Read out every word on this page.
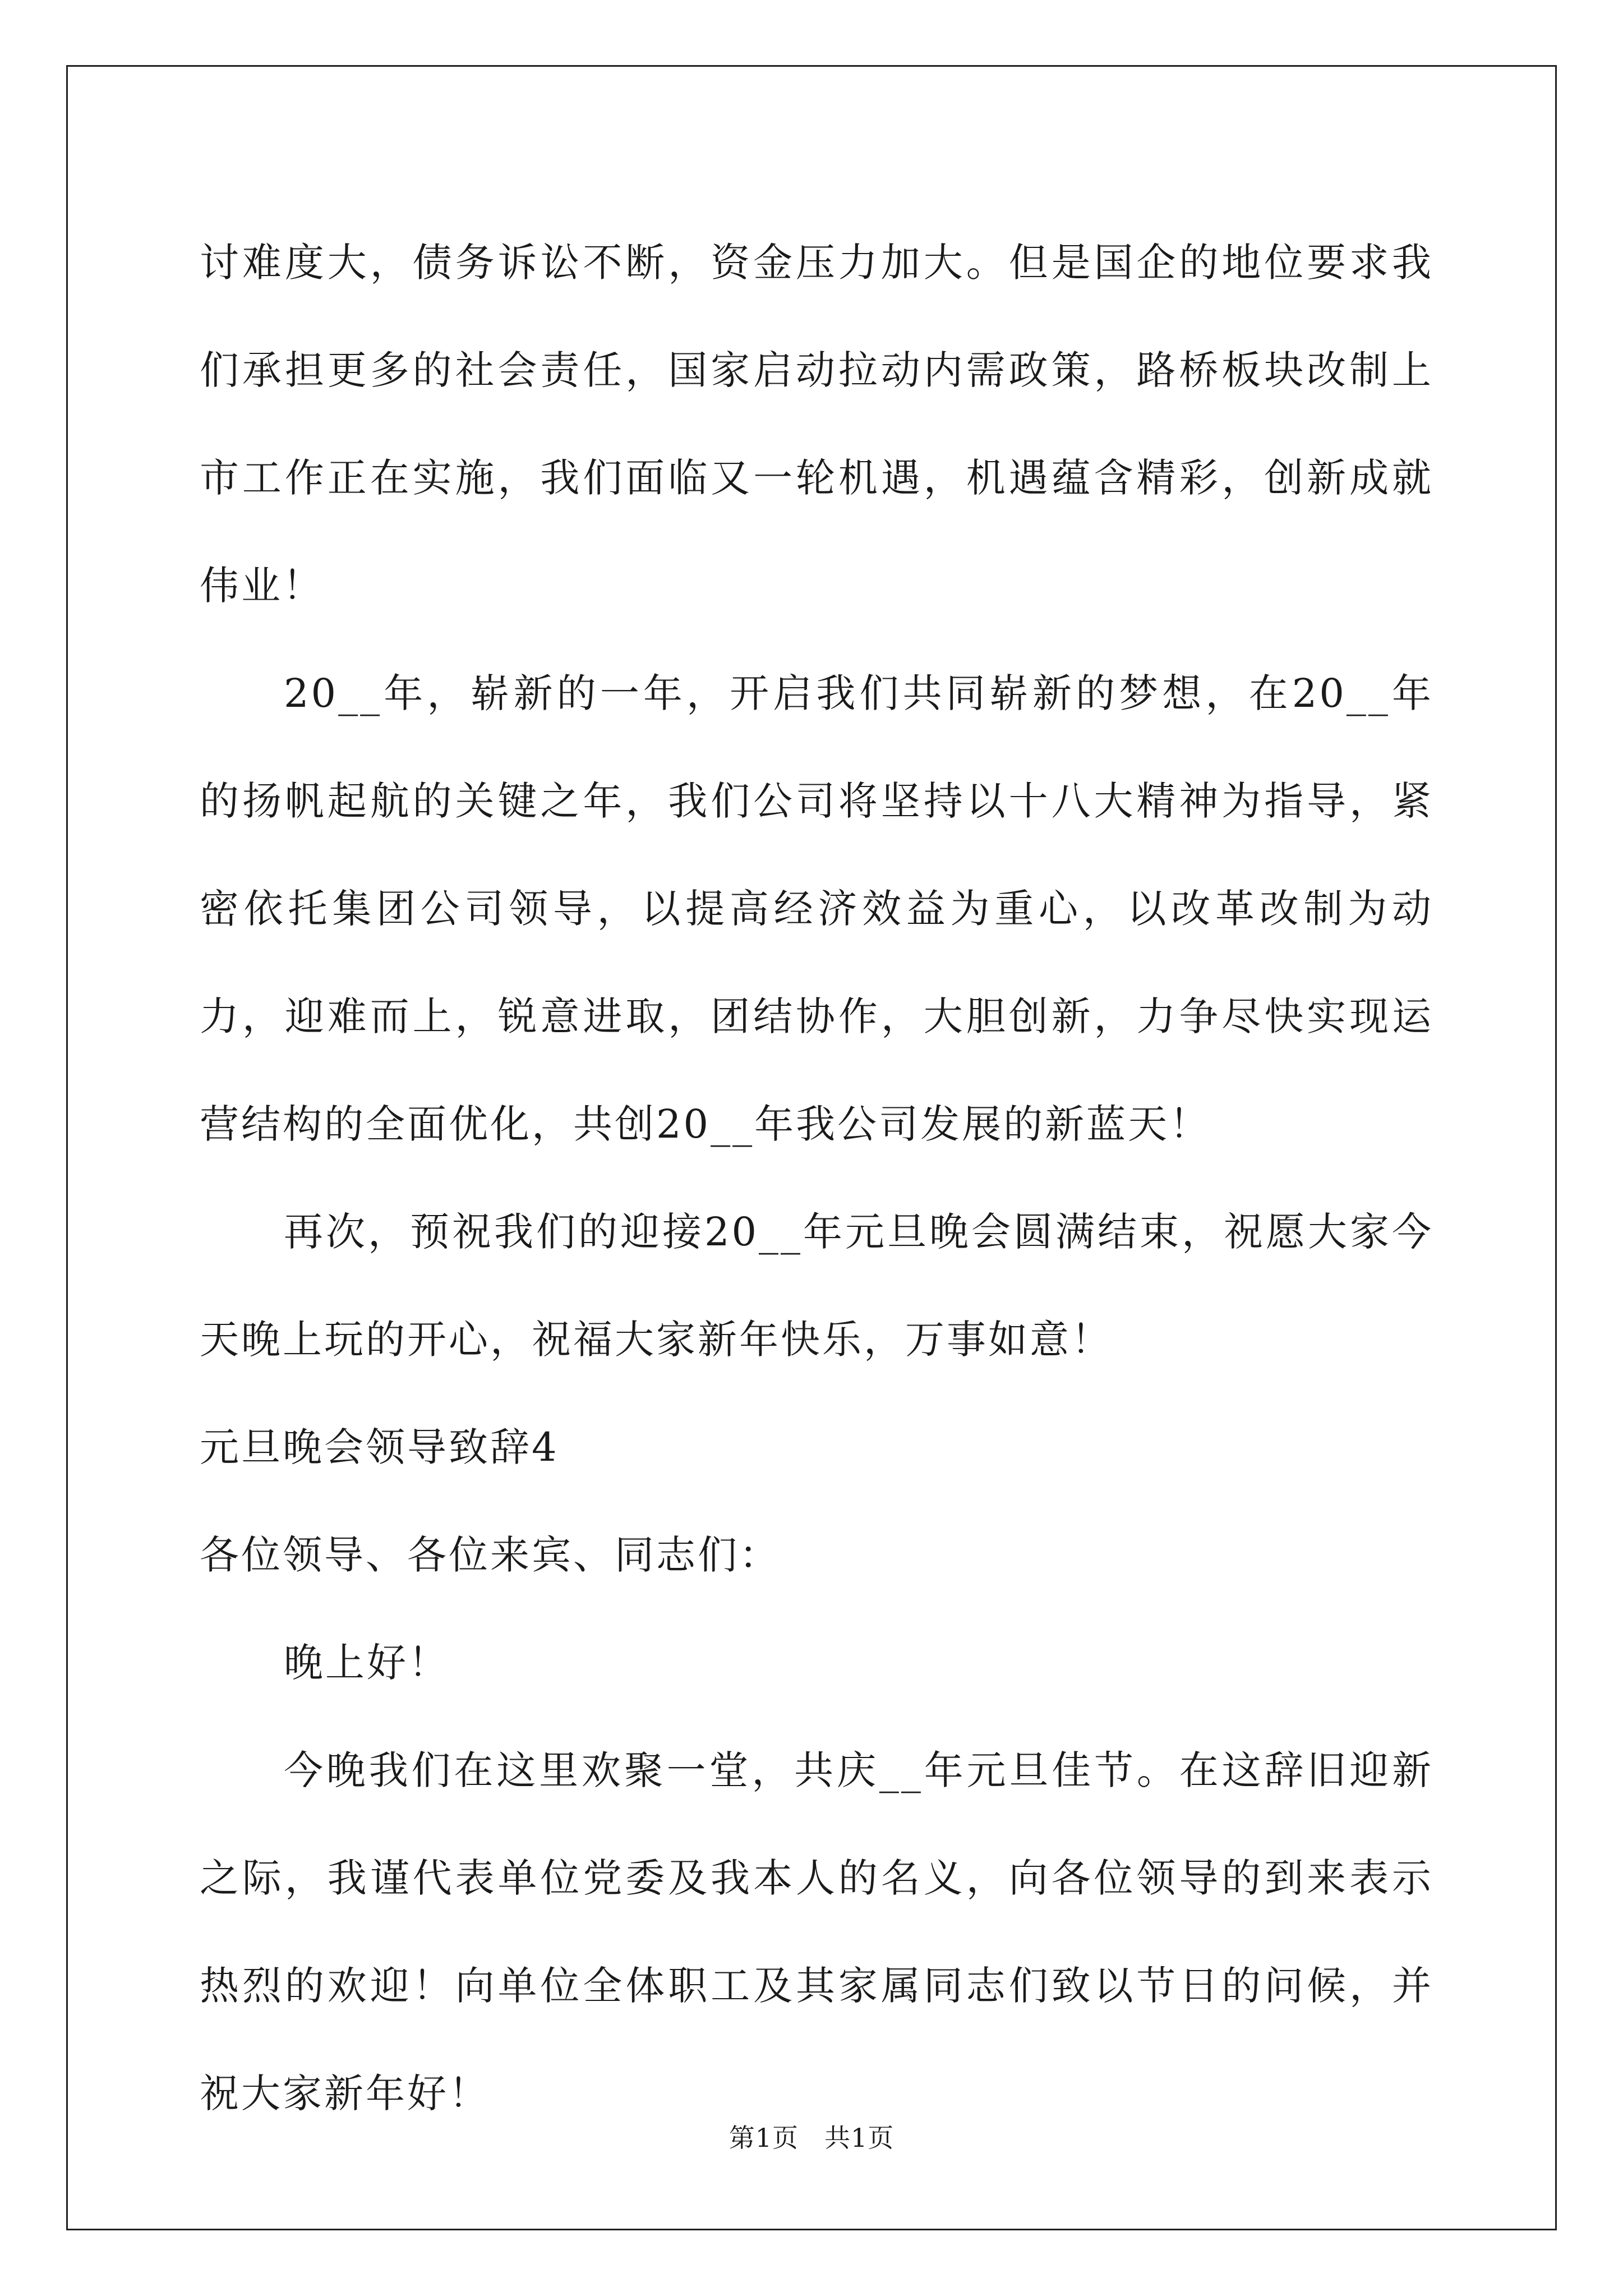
讨难度大，债务诉讼不断，资金压力加大。但是国企的地位要求我们承担更多的社会责任，国家启动拉动内需政策，路桥板块改制上市工作正在实施，我们面临又一轮机遇，机遇蕴含精彩，创新成就伟业！

20__年，崭新的一年，开启我们共同崭新的梦想，在20__年的扬帆起航的关键之年，我们公司将坚持以十八大精神为指导，紧密依托集团公司领导，以提高经济效益为重心，以改革改制为动力，迎难而上，锐意进取，团结协作，大胆创新，力争尽快实现运营结构的全面优化，共创20__年我公司发展的新蓝天！

再次，预祝我们的迎接20__年元旦晚会圆满结束，祝愿大家今天晚上玩的开心，祝福大家新年快乐，万事如意！

元旦晚会领导致辞4

各位领导、各位来宾、同志们：

晚上好！

今晚我们在这里欢聚一堂，共庆__年元旦佳节。在这辞旧迎新之际，我谨代表单位党委及我本人的名义，向各位领导的到来表示热烈的欢迎！向单位全体职工及其家属同志们致以节日的问候，并祝大家新年好！

第1页 共1页
